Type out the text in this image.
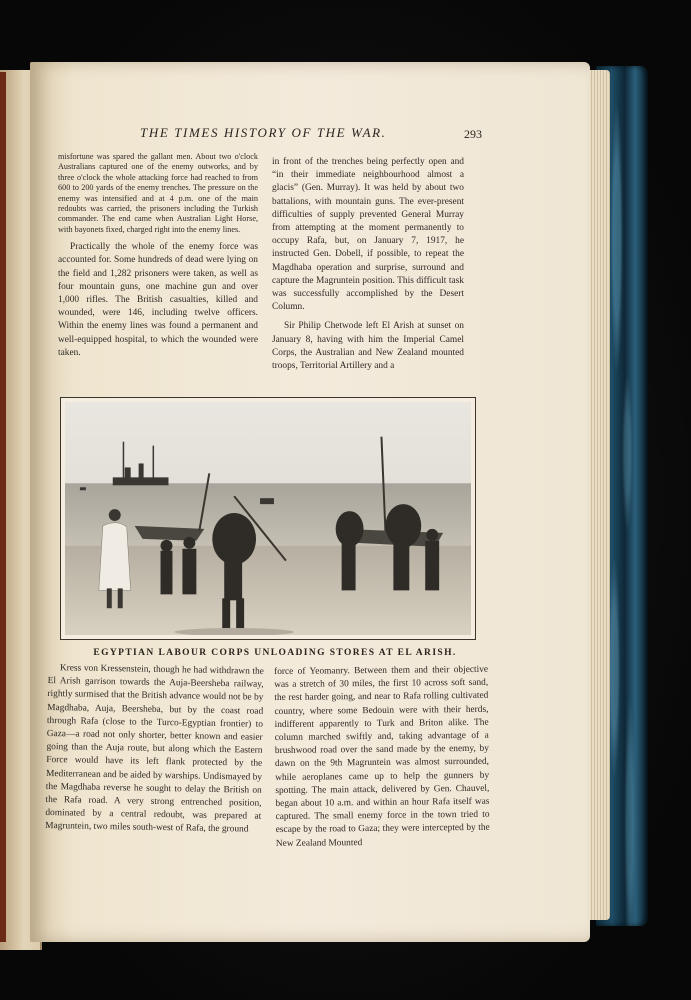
THE TIMES HISTORY OF THE WAR.	293

misfortune was spared the gallant men. About two o'clock Australians captured one of the enemy outworks, and by three o'clock the whole attacking force had reached to from 600 to 200 yards of the enemy trenches. The pressure on the enemy was intensified and at 4 p.m. one of the main redoubts was carried, the prisoners including the Turkish commander. The end came when Australian Light Horse, with bayonets fixed, charged right into the enemy lines.

Practically the whole of the enemy force was accounted for. Some hundreds of dead were lying on the field and 1,282 prisoners were taken, as well as four mountain guns, one machine gun and over 1,000 rifles. The British casualties, killed and wounded, were 146, including twelve officers. Within the enemy lines was found a permanent and well-equipped hospital, to which the wounded were taken.

in front of the trenches being perfectly open and “in their immediate neighbourhood almost a glacis” (Gen. Murray). It was held by about two battalions, with mountain guns. The ever-present difficulties of supply prevented General Murray from attempting at the moment permanently to occupy Rafa, but, on January 7, 1917, he instructed Gen. Dobell, if possible, to repeat the Magdhaba operation and surprise, surround and capture the Magruntein position. This difficult task was successfully accomplished by the Desert Column.

Sir Philip Chetwode left El Arish at sunset on January 8, having with him the Imperial Camel Corps, the Australian and New Zealand mounted troops, Territorial Artillery and a

EGYPTIAN LABOUR CORPS UNLOADING STORES AT EL ARISH.

Kress von Kressenstein, though he had withdrawn the El Arish garrison towards the Auja-Beersheba railway, rightly surmised that the British advance would not be by Magdhaba, Auja, Beersheba, but by the coast road through Rafa (close to the Turco-Egyptian frontier) to Gaza—a road not only shorter, better known and easier going than the Auja route, but along which the Eastern Force would have its left flank protected by the Mediterranean and be aided by warships. Undismayed by the Magdhaba reverse he sought to delay the British on the Rafa road. A very strong entrenched position, dominated by a central redoubt, was prepared at Magruntein, two miles south-west of Rafa, the ground

force of Yeomanry. Between them and their objective was a stretch of 30 miles, the first 10 across soft sand, the rest harder going, and near to Rafa rolling cultivated country, where some Bedouin were with their herds, indifferent apparently to Turk and Briton alike. The column marched swiftly and, taking advantage of a brushwood road over the sand made by the enemy, by dawn on the 9th Magruntein was almost surrounded, while aeroplanes came up to help the gunners by spotting. The main attack, delivered by Gen. Chauvel, began about 10 a.m. and within an hour Rafa itself was captured. The small enemy force in the town tried to escape by the road to Gaza; they were intercepted by the New Zealand Mounted
